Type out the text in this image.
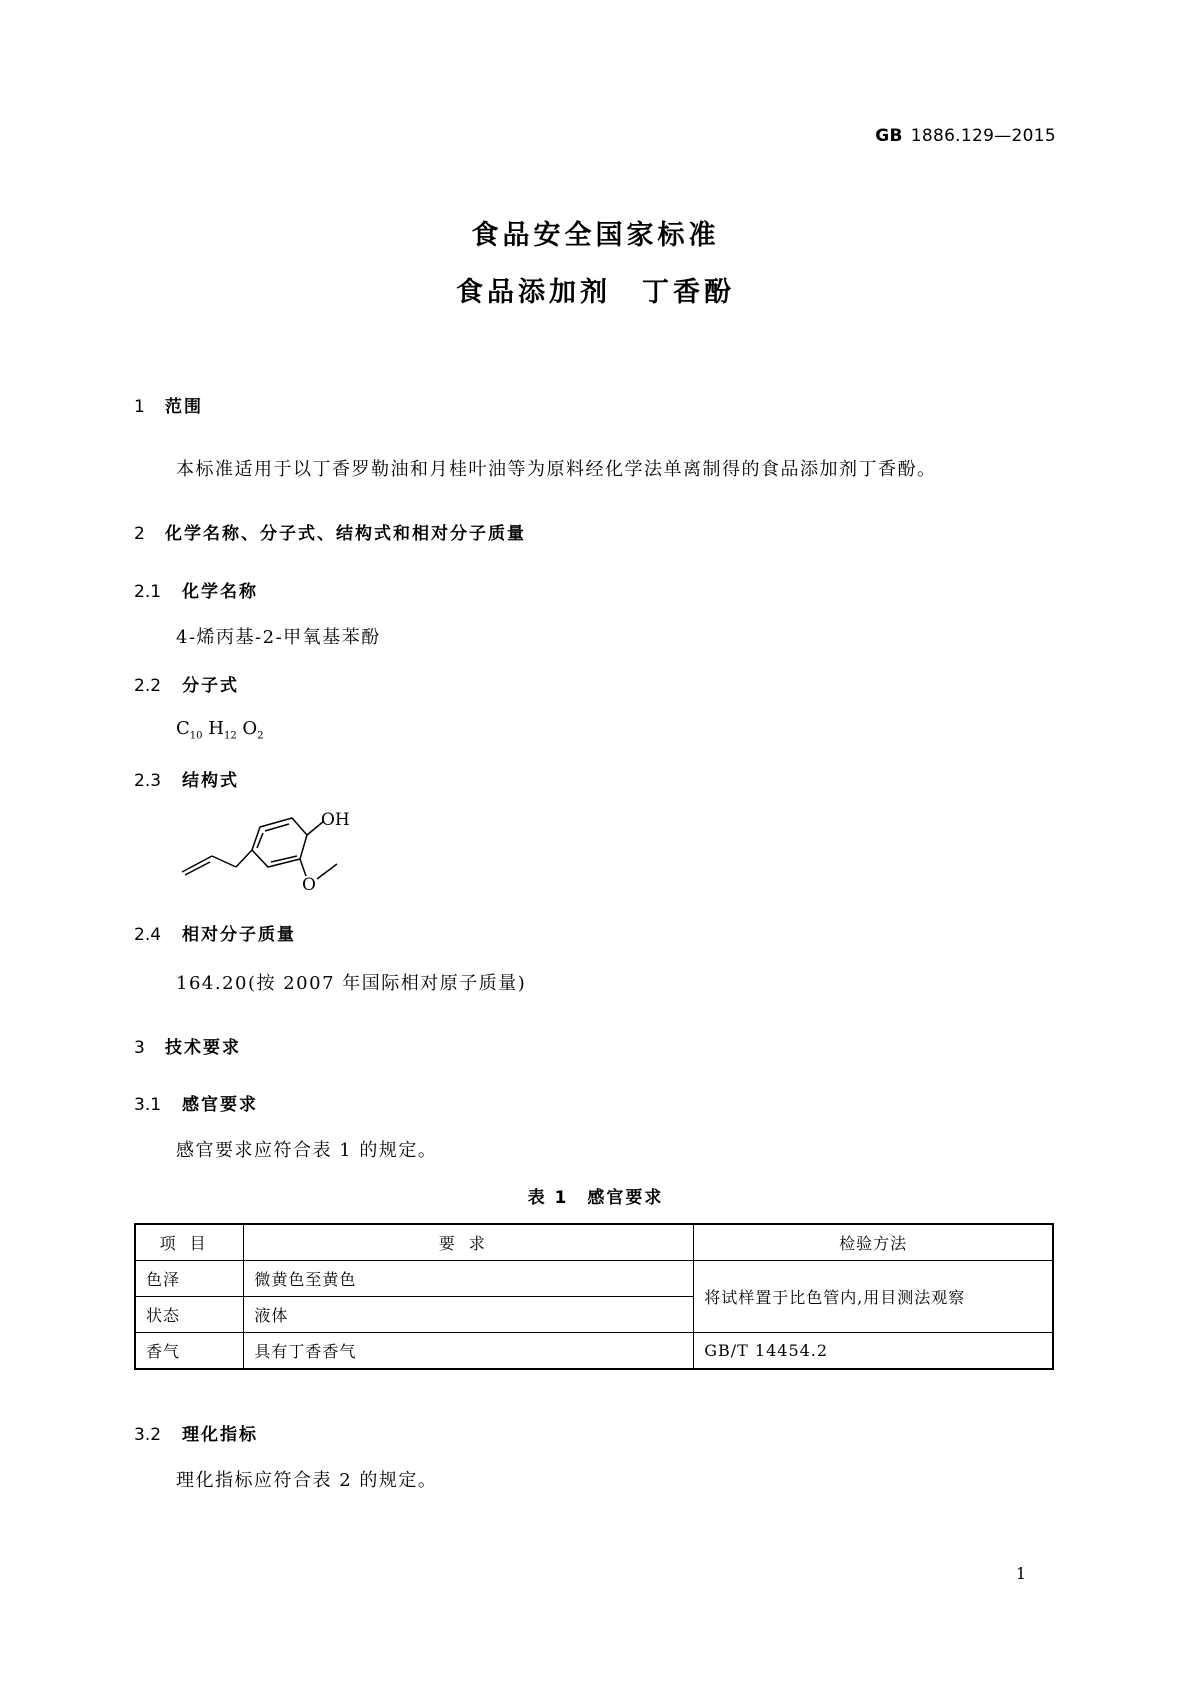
GB 1886.129—2015
食品安全国家标准
食品添加剂　丁香酚
1 范围
本标准适用于以丁香罗勒油和月桂叶油等为原料经化学法单离制得的食品添加剂丁香酚。
2 化学名称、分子式、结构式和相对分子质量
2.1 化学名称
4-烯丙基-2-甲氧基苯酚
2.2 分子式
$C_{10}$ $H_{12}$ $O_2$
2.3 结构式
OH
O
2.4 相对分子质量
164.20(按 2007 年国际相对原子质量)
3 技术要求
3.1 感官要求
感官要求应符合表 1 的规定。
表 1　感官要求
项目	要求	检验方法
色泽	微黄色至黄色	将试样置于比色管内,用目测法观察
状态	液体	
香气	具有丁香香气	GB/T 14454.2
3.2 理化指标
理化指标应符合表 2 的规定。
1
